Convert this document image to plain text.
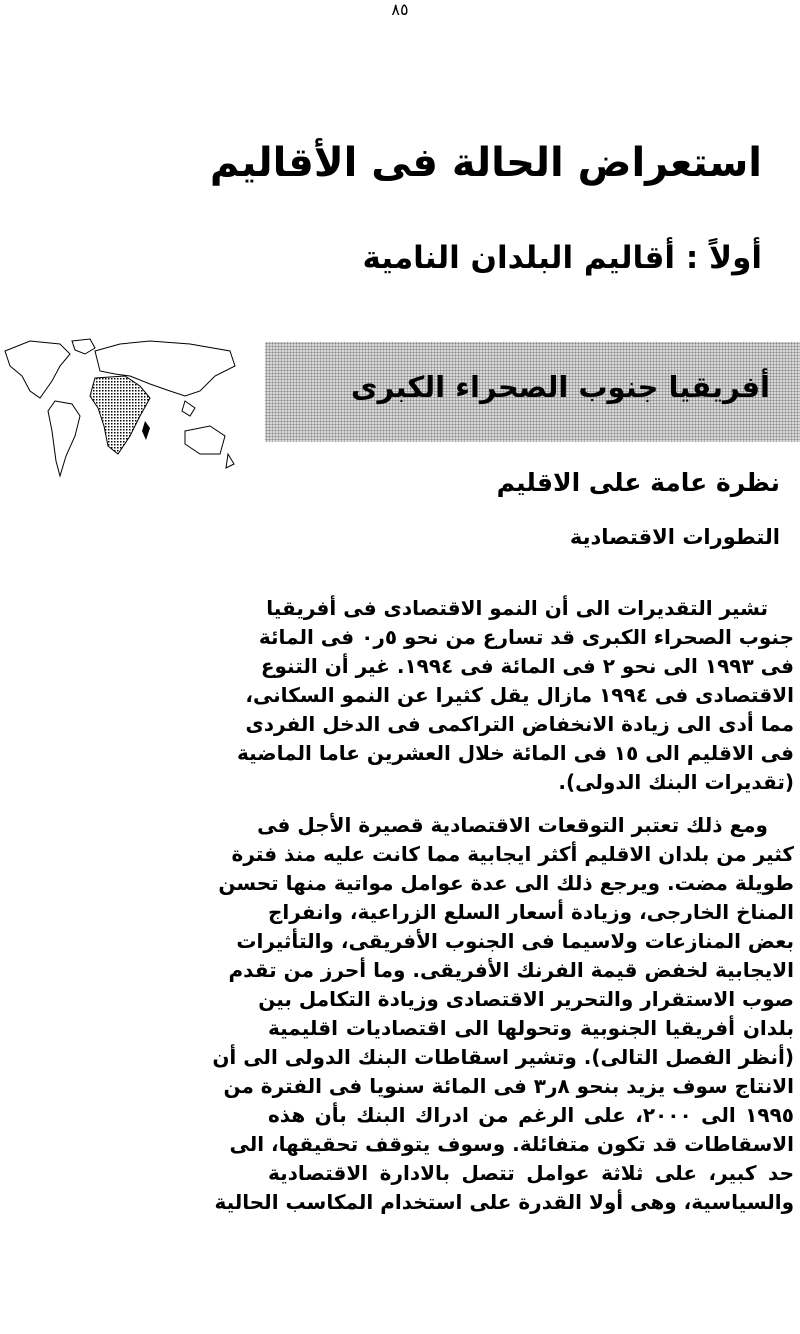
٨٥
استعراض الحالة فى الأقاليم
أولاً : أقاليم البلدان النامية
أفريقيا جنوب الصحراء الكبرى
نظرة عامة على الاقليم
التطورات الاقتصادية
تشير التقديرات الى أن النمو الاقتصادى فى أفريقيا
جنوب الصحراء الكبرى قد تسارع من نحو ٥ر٠ فى المائة
فى ١٩٩٣ الى نحو ٢ فى المائة فى ١٩٩٤. غير أن التنوع
الاقتصادى فى ١٩٩٤ مازال يقل كثيرا عن النمو السكانى،
مما أدى الى زيادة الانخفاض التراكمى فى الدخل الفردى
فى الاقليم الى ١٥ فى المائة خلال العشرين عاما الماضية
(تقديرات البنك الدولى).
ومع ذلك تعتبر التوقعات الاقتصادية قصيرة الأجل فى
كثير من بلدان الاقليم أكثر ايجابية مما كانت عليه منذ فترة
طويلة مضت. ويرجع ذلك الى عدة عوامل مواتية منها تحسن
المناخ الخارجى، وزيادة أسعار السلع الزراعية، وانفراج
بعض المنازعات ولاسيما فى الجنوب الأفريقى، والتأثيرات
الايجابية لخفض قيمة الفرنك الأفريقى. وما أحرز من تقدم
صوب الاستقرار والتحرير الاقتصادى وزيادة التكامل بين
بلدان أفريقيا الجنوبية وتحولها الى اقتصاديات اقليمية
(أنظر الفصل التالى). وتشير اسقاطات البنك الدولى الى أن
الانتاج سوف يزيد بنحو ٨ر٣ فى المائة سنويا فى الفترة من
١٩٩٥ الى ٢٠٠٠، على الرغم من ادراك البنك بأن هذه
الاسقاطات قد تكون متفائلة. وسوف يتوقف تحقيقها، الى
حد كبير، على ثلاثة عوامل تتصل بالادارة الاقتصادية
والسياسية، وهى أولا القدرة على استخدام المكاسب الحالية
